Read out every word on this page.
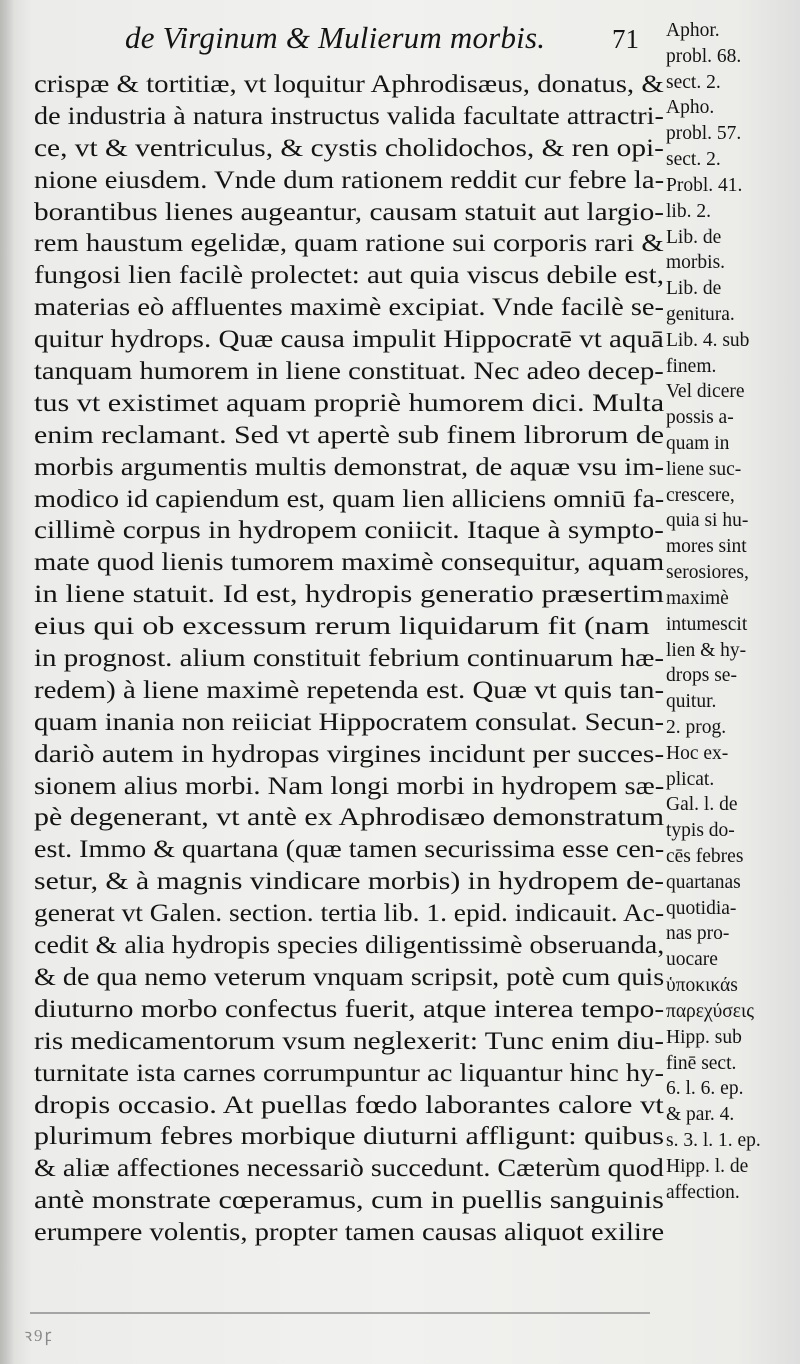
de Virginum & Mulierum morbis. 71
crispæ & tortitiæ, vt loquitur Aphrodisæus, donatus, &
de industria à natura instructus valida facultate attractri-
ce, vt & ventriculus, & cystis cholidochos, & ren opi-
nione eiusdem. Vnde dum rationem reddit cur febre la-
borantibus lienes augeantur, causam statuit aut largio-
rem haustum egelidæ, quam ratione sui corporis rari &
fungosi lien facilè prolectet: aut quia viscus debile est,
materias eò affluentes maximè excipiat. Vnde facilè se-
quitur hydrops. Quæ causa impulit Hippocratē vt aquā
tanquam humorem in liene constituat. Nec adeo decep-
tus vt existimet aquam propriè humorem dici. Multa
enim reclamant. Sed vt apertè sub finem librorum de
morbis argumentis multis demonstrat, de aquæ vsu im-
modico id capiendum est, quam lien alliciens omniū fa-
cillimè corpus in hydropem coniicit. Itaque à sympto-
mate quod lienis tumorem maximè consequitur, aquam
in liene statuit. Id est, hydropis generatio præsertim
eius qui ob excessum rerum liquidarum fit (nam
in prognost. alium constituit febrium continuarum hæ-
redem) à liene maximè repetenda est. Quæ vt quis tan-
quam inania non reiiciat Hippocratem consulat. Secun-
dariò autem in hydropas virgines incidunt per succes-
sionem alius morbi. Nam longi morbi in hydropem sæ-
pè degenerant, vt antè ex Aphrodisæo demonstratum
est. Immo & quartana (quæ tamen securissima esse cen-
setur, & à magnis vindicare morbis) in hydropem de-
generat vt Galen. section. tertia lib. 1. epid. indicauit. Ac-
cedit & alia hydropis species diligentissimè obseruanda,
& de qua nemo veterum vnquam scripsit, potè cum quis
diuturno morbo confectus fuerit, atque interea tempo-
ris medicamentorum vsum neglexerit: Tunc enim diu-
turnitate ista carnes corrumpuntur ac liquantur hinc hy-
dropis occasio. At puellas fœdo laborantes calore vt
plurimum febres morbique diuturni affligunt: quibus
& aliæ affectiones necessariò succedunt. Cæterùm quod
antè monstrate cœperamus, cum in puellis sanguinis
erumpere volentis, propter tamen causas aliquot exilire
Aphor.
probl. 68.
sect. 2.
Apho.
probl. 57.
sect. 2.
Probl. 41.
lib. 2.
Lib. de
morbis.
Lib. de
genitura.
Lib. 4. sub
finem.
Vel dicere
possis a-
quam in
liene suc-
crescere,
quia si hu-
mores sint
serosiores,
maximè
intumescit
lien & hy-
drops se-
quitur.
2. prog.
Hoc ex-
plicat.
Gal. l. de
typis do-
cēs febres
quartanas
quotidia-
nas pro-
uocare
ὑποκικάs
παρεχύσεις
Hipp. sub
finē sect.
6. l. 6. ep.
& par. 4.
s. 3. l. 1. ep.
Hipp. l. de
affection.
ꝛ9ꝼ
